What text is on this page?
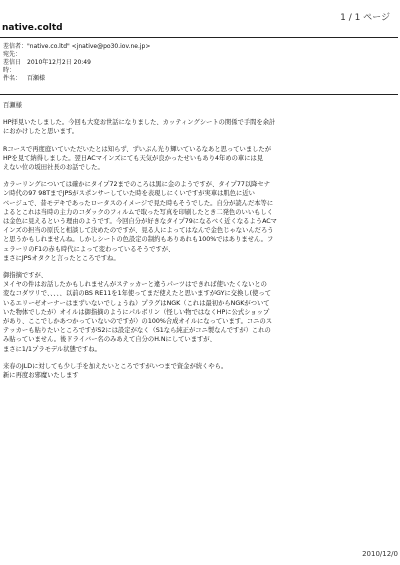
1 / 1 ページ
native.coltd
差信者： "native.co.ltd" <jnative@po30.iov.ne.jp>
宛先：
差信日時：
2010年12月2日 20:49
件名： 百瀬様

百瀬様

HP拝見いたしました。今回も大変お世話になりました、カッティングシートの関係で手間を余計
におかけしたと思います。

Rコースで再度庭いていただいたとは知らず、ずいぶん光り輝いているなあと思っていましたが
HPを見て納得しました。翌日ACマインズにても天気が良かったせいもあり4年めの車には見
えない位の坂田社長のお話でした。

カラーリングについては確かにタイプ72までのころは黒に金のようですが、タイプ77以降セナ
ン時代の97 98TまでJPSがスポンサーしていた時を表現しにくいですが実車は肌色に近い
ベージュで、昔モデキであったロータスのイメージで見た時もそうでした。自分が読んだ本等に
よるとこれは当時の主力のコダックのフィルムで取った写真を印刷したとき二発色のいいもしく
は金色に見えるという理由のようです。今回自分が好きなタイプ79になるべく近くなるようACマ
インズの担当の原氏と相談して決めたのですが、見る人によってはなんで金色じゃないんだろう
と思うかもしれませんね。しかしシートの色設定の制約もありあれも100%ではありません。フ
ェラーリのF1の赤も時代によって変わっているそうですが、
まさにJPSオタクと言ったところですね。

御指摘ですが、
ヌイヤの件はお話したかもしれませんがステッカーと違うパーツはできれば使いたくないとの
変なコダワリで、、、、、以前のBS RE11を1年使ってまだ使えたと思いますがGYに交換し(使って
いるエリーゼオーナーはまずいないでしょうね）プラグはNGK（これは最初からNGKがついて
いた物体でしたが）オイルは御指摘のようにパルボリン（怪しい物ではなくHPに公式ショップ
があり、ここでしかあつかっていないのですが）の100%合成オイルになっています。コニのス
テッカーも貼りたいところですがS2には設定がなく（S1なら純正がコニ製なんですが）これの
み貼っていません。後ドライバー名のみあえて自分のH.Nにしていますが、
まさに1/1プラモデル状態ですね。

来春のJLDに対しても少し手を加えたいところですがいつまで資金が続くやら。
新に再度お邪魔いたします

2010/12/0
